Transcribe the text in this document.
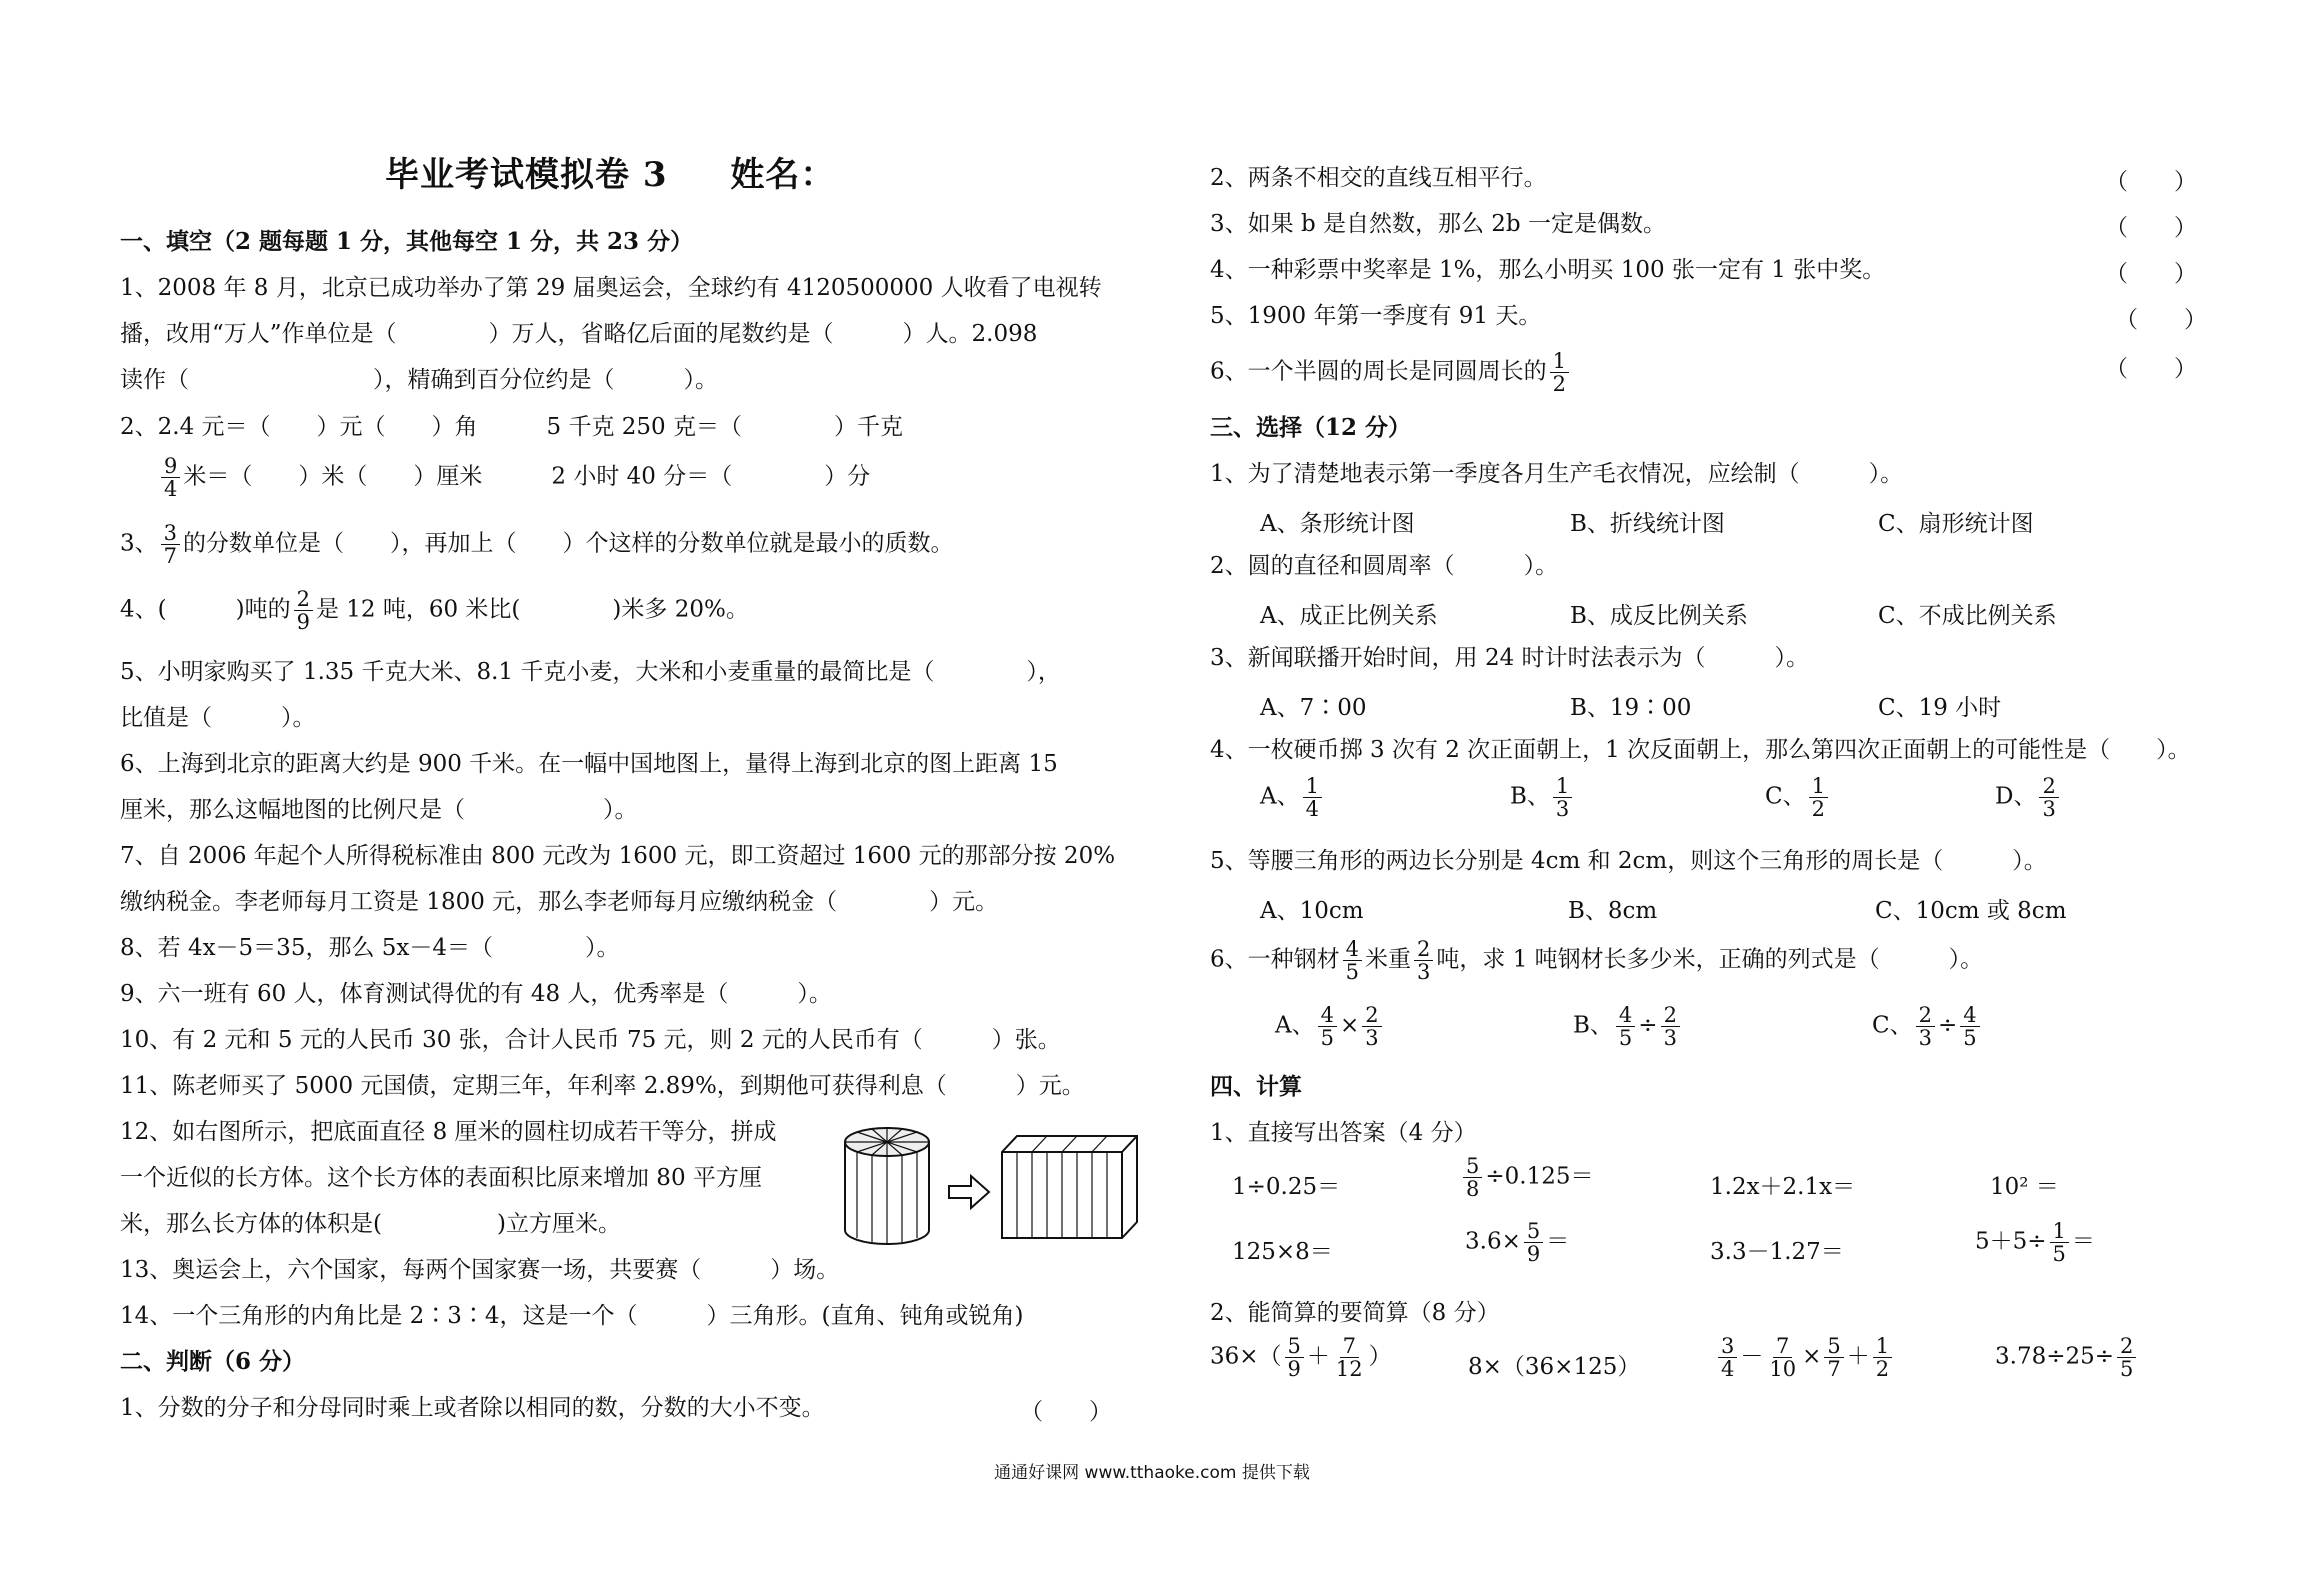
毕业考试模拟卷 3 姓名：
一、填空（2 题每题 1 分，其他每空 1 分，共 23 分）
1、2008 年 8 月，北京已成功举办了第 29 届奥运会，全球约有 4120500000 人收看了电视转
播，改用“万人”作单位是（　　　　）万人，省略亿后面的尾数约是（　　　）人。2.098
读作（　　　　　　　　），精确到百分位约是（　　　）。
2、2.4 元＝（　　）元（　　）角　　　5 千克 250 克＝（　　　　）千克
$\frac{9}{4}$ 米＝（　　）米（　　）厘米　　　2 小时 40 分＝（　　　　）分
3、 $\frac{3}{7}$ 的分数单位是（　　），再加上（　　）个这样的分数单位就是最小的质数。
4、(　　　)吨的 $\frac{2}{9}$ 是 12 吨，60 米比(　　　　)米多 20%。
5、小明家购买了 1.35 千克大米、8.1 千克小麦，大米和小麦重量的最简比是（　　　　），
比值是（　　　）。
6、上海到北京的距离大约是 900 千米。在一幅中国地图上，量得上海到北京的图上距离 15
厘米，那么这幅地图的比例尺是（　　　　　　）。
7、自 2006 年起个人所得税标准由 800 元改为 1600 元，即工资超过 1600 元的那部分按 20%
缴纳税金。李老师每月工资是 1800 元，那么李老师每月应缴纳税金（　　　　）元。
8、若 4x－5＝35，那么 5x－4＝（　　　　）。
9、六一班有 60 人，体育测试得优的有 48 人，优秀率是（　　　）。
10、有 2 元和 5 元的人民币 30 张，合计人民币 75 元，则 2 元的人民币有（　　　）张。
11、陈老师买了 5000 元国债，定期三年，年利率 2.89%，到期他可获得利息（　　　）元。
12、如右图所示，把底面直径 8 厘米的圆柱切成若干等分，拼成
一个近似的长方体。这个长方体的表面积比原来增加 80 平方厘
米，那么长方体的体积是(　　　　　)立方厘米。
13、奥运会上，六个国家，每两个国家赛一场，共要赛（　　　）场。
14、一个三角形的内角比是 2∶3∶4，这是一个（　　　）三角形。(直角、钝角或锐角)
二、判断（6 分）
1、分数的分子和分母同时乘上或者除以相同的数，分数的大小不变。	（　　）
2、两条不相交的直线互相平行。	（　　）
3、如果 b 是自然数，那么 2b 一定是偶数。	（　　）
4、一种彩票中奖率是 1%，那么小明买 100 张一定有 1 张中奖。	（　　）
5、1900 年第一季度有 91 天。	（　　）
6、一个半圆的周长是同圆周长的 $\frac{1}{2}$	（　　）
三、选择（12 分）
1、为了清楚地表示第一季度各月生产毛衣情况，应绘制（　　　）。
A、条形统计图	B、折线统计图	C、扇形统计图
2、圆的直径和圆周率（　　　）。
A、成正比例关系	B、成反比例关系	C、不成比例关系
3、新闻联播开始时间，用 24 时计时法表示为（　　　）。
A、7∶00	B、19∶00	C、19 小时
4、一枚硬币掷 3 次有 2 次正面朝上，1 次反面朝上，那么第四次正面朝上的可能性是（　　）。
A、 $\frac{1}{4}$	B、 $\frac{1}{3}$	C、 $\frac{1}{2}$	D、 $\frac{2}{3}$
5、等腰三角形的两边长分别是 4cm 和 2cm，则这个三角形的周长是（　　　）。
A、10cm	B、8cm	C、10cm 或 8cm
6、一种钢材 $\frac{4}{5}$ 米重 $\frac{2}{3}$ 吨，求 1 吨钢材长多少米，正确的列式是（　　　）。
A、 $\frac{4}{5} \times \frac{2}{3}$	B、 $\frac{4}{5} \div \frac{2}{3}$	C、 $\frac{2}{3} \div \frac{4}{5}$
四、计算
1、直接写出答案（4 分）
1÷0.25＝	$\frac{5}{8} \div 0.125=$	1.2x＋2.1x＝	10² ＝
125×8＝	$3.6\times \frac{5}{9}$ ＝	3.3－1.27＝	$5+5\div \frac{1}{5}$ ＝
2、能简算的要简算（8 分）
$36\times( \frac{5}{9} + \frac{7}{12}$ ）	8×（36×125）	$\frac{3}{4} - \frac{7}{10} \times \frac{5}{7} + \frac{1}{2}$	$3.78\div 25\div \frac{2}{5}$
通通好课网 www.tthaoke.com 提供下载
